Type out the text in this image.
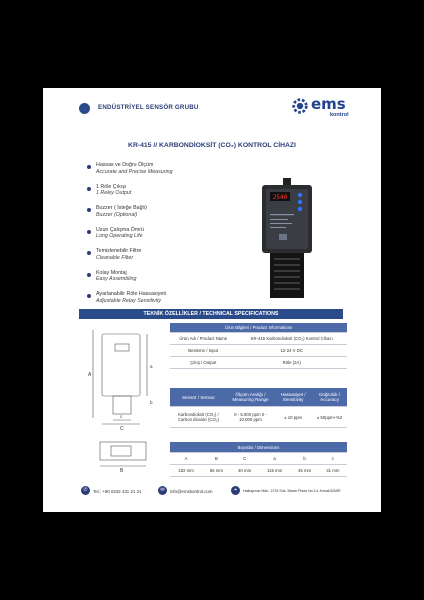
ENDÜSTRİYEL SENSÖR GRUBU	ems
kontrol
KR-415 // KARBONDİOKSİT (CO₂) KONTROL CİHAZI
Hassas ve Doğru Ölçüm
Accurate and Precise Measuring
1 Röle Çıkışı
1 Reley Output
Buzzer ( İsteğe Bağlı)
Buzzer (Optional)
Uzun Çalışma Ömrü
Long Operating Life
Temizlenebilir Filtre
Cleanable Filter
Kolay Montaj
Easy Assembling
Ayarlanabilir Röle Hassasiyeti
Adjustable Relay Sensitivity
2540
TEKNİK ÖZELLİKLER / TECHNICAL SPECIFICATIONS
A
a
b
c
C
B
Ürün Bilgileri / Product Informations	
Ürün Adı / Product Name	KR-415 Karbondioksit (CO₂) Kontrol Cihazı
Besleme / Input	12-24 V DC
Çıkış / Output	Röle (2A)
Sensör / Sensor	Ölçüm Aralığı / Measuring Range	Hassasiyet / Sensitivity	Doğruluk / Accuracy
Karbondioksit (CO₂) / Carbon dioxide (CO₂)	0 - 5.000 ppm 0 - 10.000 ppm	± 10 ppm	± 50ppm+%2
Boyutlar / Dimensions					
A	B	C	a	b	c
182 mm	65 mm	40 mm	115 mm	45 mm	31 mm
✆	Tel.: +90 0232 431 21 21	✉	info@emskontrol.com	⌖	Halkapınar Mah. 1376 Sok. Baran Plaza No:1/L Konak/İZMİR
